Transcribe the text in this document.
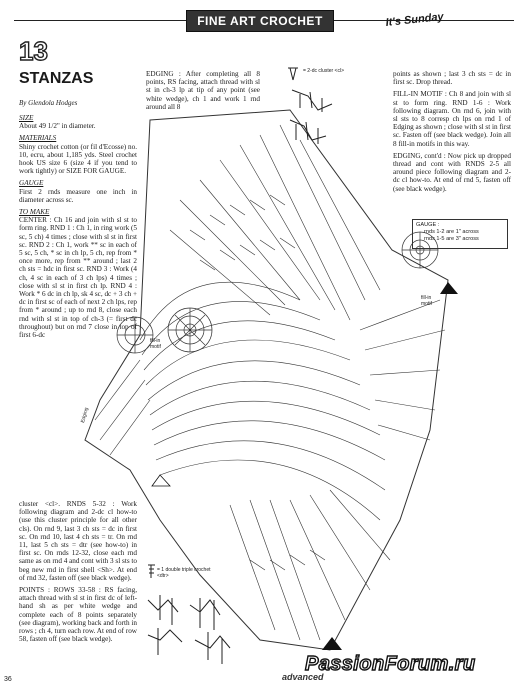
FINE ART CROCHET	It's Sunday
13
STANZAS
By Glendola Hodges

SIZE
About 49 1/2" in diameter.

MATERIALS
Shiny crochet cotton (or fil d'Ecosse) no. 10, ecru, about 1,185 yds. Steel crochet hook US size 6 (size 4 if you tend to work tightly) or SIZE FOR GAUGE.

GAUGE
First 2 rnds measure one inch in diameter across sc.

TO MAKE
CENTER : Ch 16 and join with sl st to form ring. RND 1 : Ch 1, in ring work (5 sc, 5 ch) 4 times ; close with sl st in first sc. RND 2 : Ch 1, work ** sc in each of 5 sc, 5 ch, * sc in ch lp, 5 ch, rep from * once more, rep from ** around ; last 2 ch sts = hdc in first sc. RND 3 : Work (4 ch, 4 sc in each of 3 ch lps) 4 times ; close with sl st in first ch lp. RND 4 : Work * 6 dc in ch lp, sk 4 sc, dc + 3 ch + dc in first sc of each of next 2 ch lps, rep from * around ; up to rnd 8, close each rnd with sl st in top of ch-3 (= first dc throughout) but on rnd 7 close in top of first 6-dc

EDGING : After completing all 8 points, RS facing, attach thread with sl st in ch-3 lp at tip of any point (see white wedge), ch 1 and work 1 rnd around all 8

points as shown ; last 3 ch sts = dc in first sc. Drop thread.

FILL-IN MOTIF : Ch 8 and join with sl st to form ring. RND 1-6 : Work following diagram. On rnd 6, join with sl sts to 8 corresp ch lps on rnd 1 of Edging as shown ; close with sl st in first sc. Fasten off (see black wedge). Join all 8 fill-in motifs in this way.

EDGING, cont'd : Now pick up dropped thread and cont with RNDS 2-5 all around piece following diagram and 2-dc cl how-to. At end of rnd 5, fasten off (see black wedge).

GAUGE :
rnds 1-2 are 1" across
rnds 1-5 are 3" across

cluster <cl>. RNDS 5-32 : Work following diagram and 2-dc cl how-to (use this cluster principle for all other cls). On rnd 9, last 3 ch sts = dc in first sc. On rnd 10, last 4 ch sts = tr. On rnd 11, last 5 ch sts = dtr (see how-to) in first sc. On rnds 12-32, close each rnd same as on rnd 4 and cont with 3 sl sts to beg new rnd in first shell <Sh>. At end of rnd 32, fasten off (see black wedge).

POINTS : ROWS 33-58 : RS facing, attach thread with sl st in first dc of left-hand sh as per white wedge and complete each of 8 points separately (see diagram), working back and forth in rows ; ch 4, turn each row. At end of row 58, fasten off (see black wedge).

= 2-dc cluster <cl>
= 1 double triple crochet <dtr>
fill-in motif
fill-in motif
Edging
36	advanced
PassionForum.ru
